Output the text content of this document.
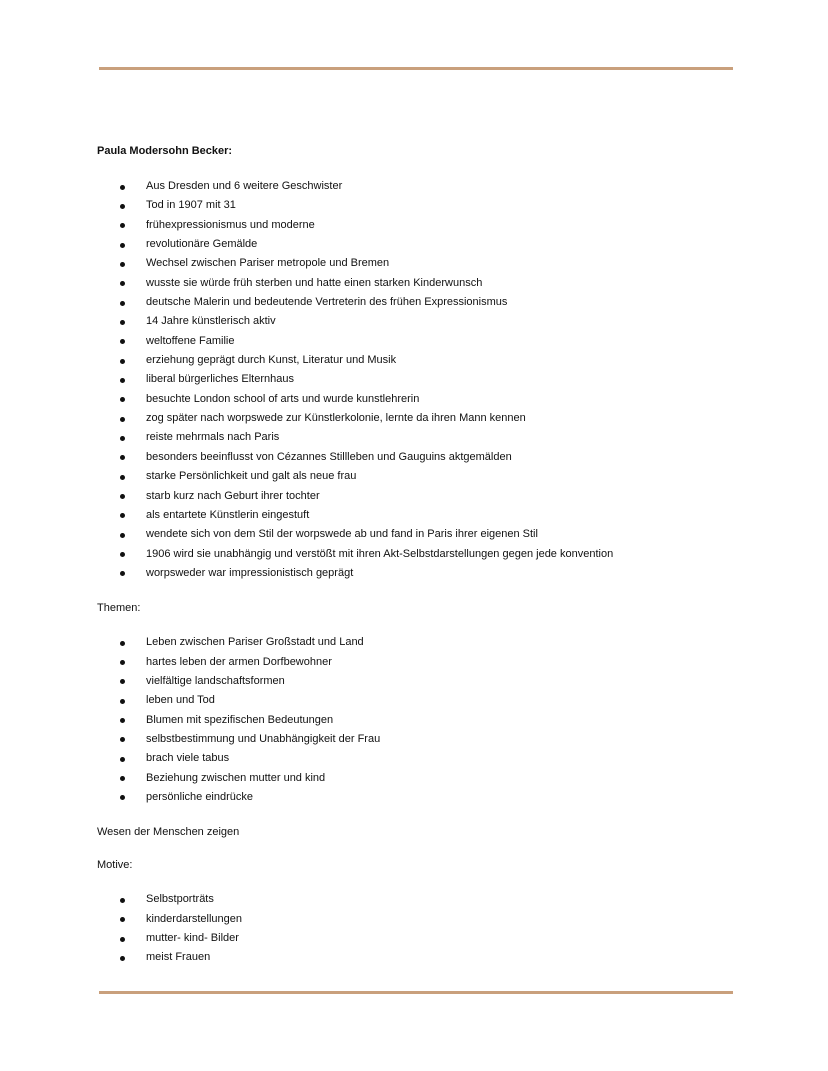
Paula Modersohn Becker:

Aus Dresden und 6 weitere Geschwister
Tod in 1907 mit 31
frühexpressionismus und moderne
revolutionäre Gemälde
Wechsel zwischen Pariser metropole und Bremen
wusste sie würde früh sterben und hatte einen starken Kinderwunsch
deutsche Malerin und bedeutende Vertreterin des frühen Expressionismus
14 Jahre künstlerisch aktiv
weltoffene Familie
erziehung geprägt durch Kunst, Literatur und Musik
liberal bürgerliches Elternhaus
besuchte London school of arts und wurde kunstlehrerin
zog später nach worpswede zur Künstlerkolonie, lernte da ihren Mann kennen
reiste mehrmals nach Paris
besonders beeinflusst von Cézannes Stillleben und Gauguins aktgemälden
starke Persönlichkeit und galt als neue frau
starb kurz nach Geburt ihrer tochter
als entartete Künstlerin eingestuft
wendete sich von dem Stil der worpswede ab und fand in Paris ihrer eigenen Stil
1906 wird sie unabhängig und verstößt mit ihren Akt-Selbstdarstellungen gegen jede konvention
worpsweder war impressionistisch geprägt

Themen:

Leben zwischen Pariser Großstadt und Land
hartes leben der armen Dorfbewohner
vielfältige landschaftsformen
leben und Tod
Blumen mit spezifischen Bedeutungen
selbstbestimmung und Unabhängigkeit der Frau
brach viele tabus
Beziehung zwischen mutter und kind
persönliche eindrücke

Wesen der Menschen zeigen

Motive:

Selbstporträts
kinderdarstellungen
mutter- kind- Bilder
meist Frauen
